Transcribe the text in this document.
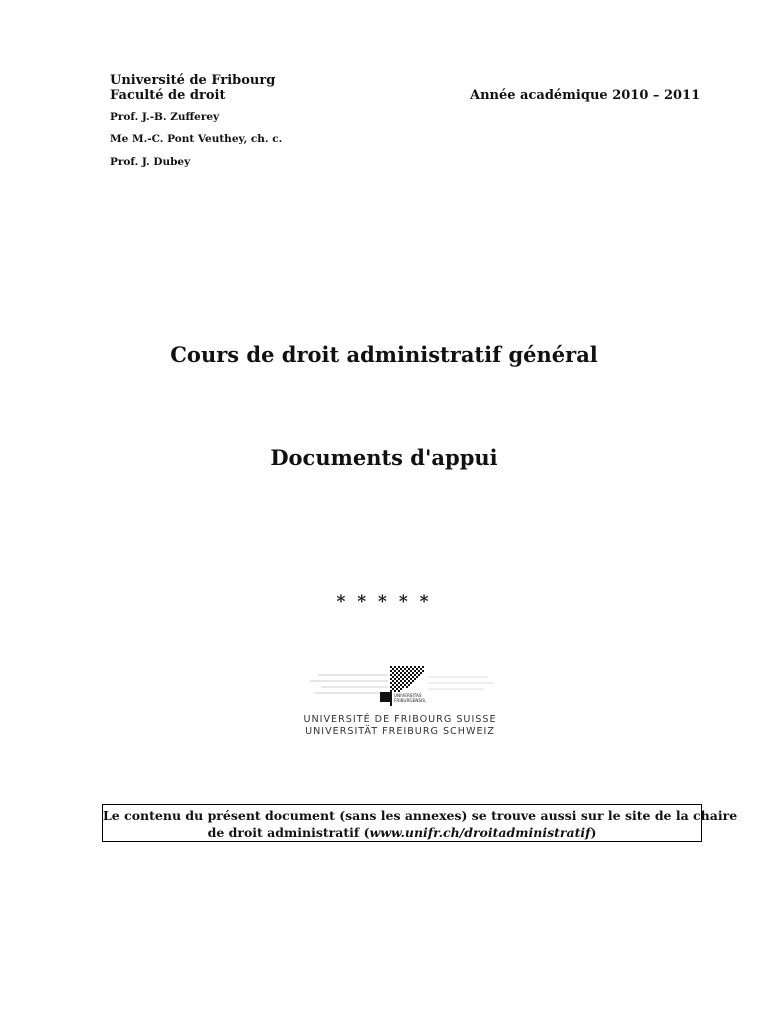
Université de Fribourg
Faculté de droit	Année académique 2010 – 2011
Prof. J.-B. Zufferey
Me M.-C. Pont Veuthey, ch. c.
Prof. J. Dubey
Cours de droit administratif général
Documents d'appui
* * * * *
UNIVERSITAS
FRIBURGENSIS
UNIVERSITÉ DE FRIBOURG SUISSE
UNIVERSITÄT FREIBURG SCHWEIZ
Le contenu du présent document (sans les annexes) se trouve aussi sur le site de la chaire
de droit administratif (www.unifr.ch/droitadministratif)
